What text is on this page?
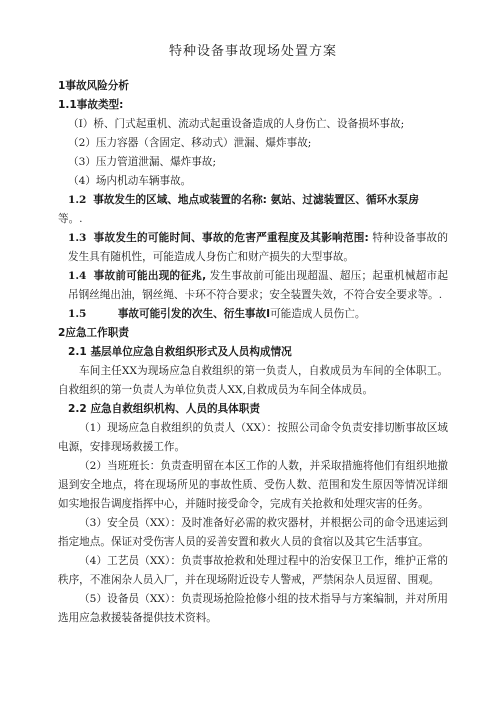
特种设备事故现场处置方案

1事故风险分析

1.1事故类型:

（I）桥、门式起重机、流动式起重设备造成的人身伤亡、设备损坏事故;

（2）压力容器（含固定、移动式）泄漏、爆炸事故;

（3）压力管道泄漏、爆炸事故;

（4）场内机动车辆事故。

1.2 事故发生的区域、地点或装置的名称: 氨站、过滤装置区、循环水泵房

等。.

1.3 事故发生的可能时间、事故的危害严重程度及其影响范围: 特种设备事故的发生具有随机性，可能造成人身伤亡和财产损失的大型事故。

1.4 事故前可能出现的征兆, 发生事故前可能出现超温、超压；起重机械超市起吊钢丝绳出油，钢丝绳、卡环不符合要求；安全装置失效，不符合安全要求等。.

1.5	事故可能引发的次生、衍生事故I可能造成人员伤亡。

2应急工作职责

2.1 基层单位应急自救组织形式及人员构成情况

车间主任XX为现场应急自救组织的第一负责人，自救成员为车间的全体职工。自救组织的第一负责人为单位负责人XX,自救成员为车间全体成员。

2.2 应急自救组织机构、人员的具体职责

（1）现场应急自救组织的负责人（XX）：按照公司命令负责安排切断事故区域电源，安排现场救援工作。

（2）当班班长：负责查明留在本区工作的人数，并采取措施将他们有组织地撤退到安全地点，将在现场所见的事故性质、受伤人数、范围和发生原因等情况详细如实地报告调度指挥中心，并随时接受命令，完成有关抢救和处理灾害的任务。

（3）安全员（XX）：及时准备好必需的救灾器材，并根据公司的命令迅速运到指定地点。保证对受伤害人员的妥善安置和救火人员的食宿以及其它生活事宜。

（4）工艺员（XX）：负责事故抢救和处理过程中的治安保卫工作，维护正常的秩序，不准闲杂人员入厂，并在现场附近设专人警戒，严禁闲杂人员逗留、围观。

（5）设备员（XX）：负责现场抢险抢修小组的技术指导与方案编制，并对所用选用应急救援装备提供技术资料。
